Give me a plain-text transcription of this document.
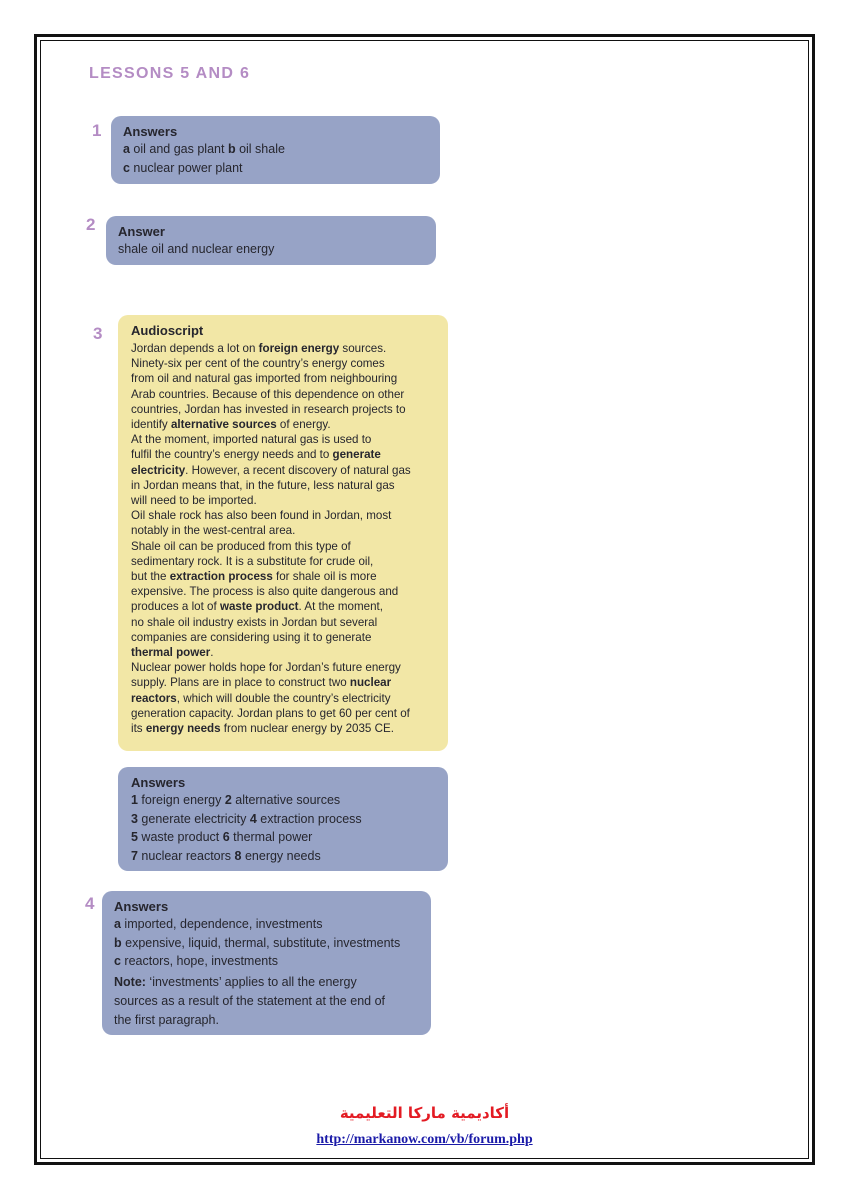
LESSONS 5 AND 6
1 Answers
a oil and gas plant b oil shale
c nuclear power plant
2 Answer
shale oil and nuclear energy
3 Audioscript

Jordan depends a lot on foreign energy sources.
Ninety-six per cent of the country’s energy comes
from oil and natural gas imported from neighbouring
Arab countries. Because of this dependence on other
countries, Jordan has invested in research projects to
identify alternative sources of energy.

At the moment, imported natural gas is used to
fulfil the country’s energy needs and to generate
electricity. However, a recent discovery of natural gas
in Jordan means that, in the future, less natural gas
will need to be imported.

Oil shale rock has also been found in Jordan, most
notably in the west-central area.

Shale oil can be produced from this type of
sedimentary rock. It is a substitute for crude oil,
but the extraction process for shale oil is more
expensive. The process is also quite dangerous and
produces a lot of waste product. At the moment,
no shale oil industry exists in Jordan but several
companies are considering using it to generate
thermal power.

Nuclear power holds hope for Jordan’s future energy
supply. Plans are in place to construct two nuclear
reactors, which will double the country’s electricity
generation capacity. Jordan plans to get 60 per cent of
its energy needs from nuclear energy by 2035 CE.

Answers
1 foreign energy 2 alternative sources
3 generate electricity 4 extraction process
5 waste product 6 thermal power
7 nuclear reactors 8 energy needs
4 Answers
a imported, dependence, investments
b expensive, liquid, thermal, substitute, investments
c reactors, hope, investments
Note: ‘investments’ applies to all the energy
sources as a result of the statement at the end of
the first paragraph.
أكاديمية ماركا التعليمية
http://markanow.com/vb/forum.php
